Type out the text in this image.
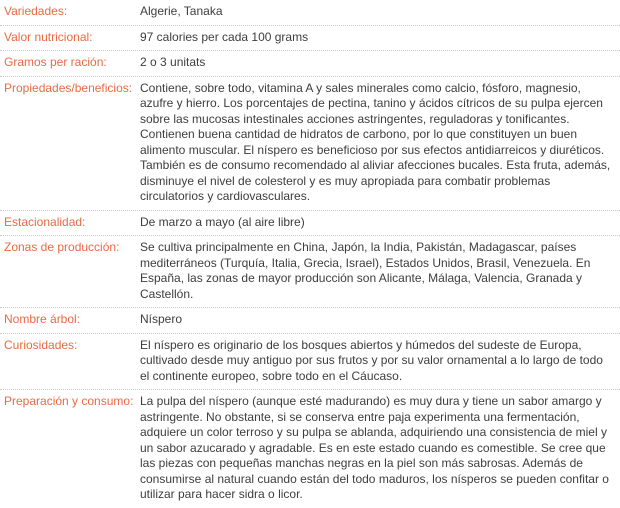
Variedades:	Algerie, Tanaka
Valor nutricional:	97 calories per cada 100 grams
Gramos per ración:	2 o 3 unitats
Propiedades/beneficios: Contiene, sobre todo, vitamina A y sales minerales como calcio, fósforo, magnesio, azufre y hierro. Los porcentajes de pectina, tanino y ácidos cítricos de su pulpa ejercen sobre las mucosas intestinales acciones astringentes, reguladoras y tonificantes. Contienen buena cantidad de hidratos de carbono, por lo que constituyen un buen alimento muscular. El níspero es beneficioso por sus efectos antidiarreicos y diuréticos. También es de consumo recomendado al aliviar afecciones bucales. Esta fruta, además, disminuye el nivel de colesterol y es muy apropiada para combatir problemas circulatorios y cardiovasculares.
Estacionalidad:	De marzo a mayo (al aire libre)
Zonas de producción:	Se cultiva principalmente en China, Japón, la India, Pakistán, Madagascar, países mediterráneos (Turquía, Italia, Grecia, Israel), Estados Unidos, Brasil, Venezuela. En España, las zonas de mayor producción son Alicante, Málaga, Valencia, Granada y Castellón.
Nombre árbol:	Níspero
Curiosidades:	El níspero es originario de los bosques abiertos y húmedos del sudeste de Europa, cultivado desde muy antiguo por sus frutos y por su valor ornamental a lo largo de todo el continente europeo, sobre todo en el Cáucaso.
Preparación y consumo: La pulpa del níspero (aunque esté madurando) es muy dura y tiene un sabor amargo y astringente. No obstante, si se conserva entre paja experimenta una fermentación, adquiere un color terroso y su pulpa se ablanda, adquiriendo una consistencia de miel y un sabor azucarado y agradable. Es en este estado cuando es comestible. Se cree que las piezas con pequeñas manchas negras en la piel son más sabrosas. Además de consumirse al natural cuando están del todo maduros, los nísperos se pueden confitar o utilizar para hacer sidra o licor.
